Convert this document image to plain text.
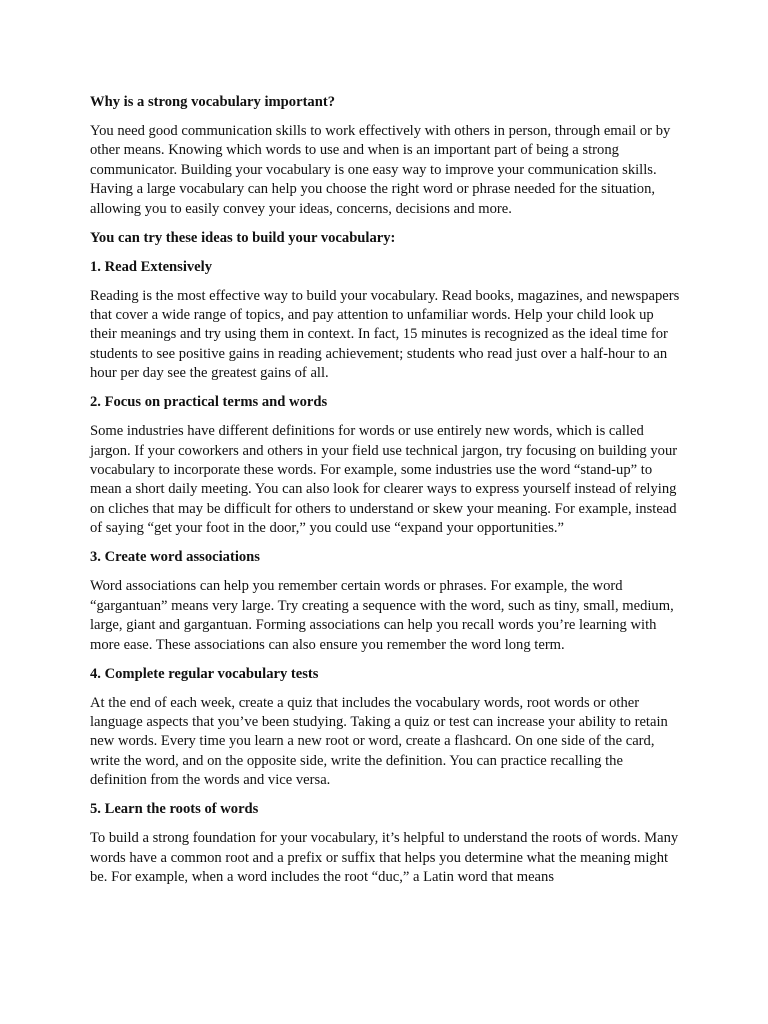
Why is a strong vocabulary important?

You need good communication skills to work effectively with others in person, through email or by other means. Knowing which words to use and when is an important part of being a strong communicator. Building your vocabulary is one easy way to improve your communication skills. Having a large vocabulary can help you choose the right word or phrase needed for the situation, allowing you to easily convey your ideas, concerns, decisions and more.

You can try these ideas to build your vocabulary:

1. Read Extensively

Reading is the most effective way to build your vocabulary. Read books, magazines, and newspapers that cover a wide range of topics, and pay attention to unfamiliar words. Help your child look up their meanings and try using them in context. In fact, 15 minutes is recognized as the ideal time for students to see positive gains in reading achievement; students who read just over a half-hour to an hour per day see the greatest gains of all.

2. Focus on practical terms and words

Some industries have different definitions for words or use entirely new words, which is called jargon. If your coworkers and others in your field use technical jargon, try focusing on building your vocabulary to incorporate these words. For example, some industries use the word “stand-up” to mean a short daily meeting. You can also look for clearer ways to express yourself instead of relying on cliches that may be difficult for others to understand or skew your meaning. For example, instead of saying “get your foot in the door,” you could use “expand your opportunities.”

3. Create word associations

Word associations can help you remember certain words or phrases. For example, the word “gargantuan” means very large. Try creating a sequence with the word, such as tiny, small, medium, large, giant and gargantuan. Forming associations can help you recall words you’re learning with more ease. These associations can also ensure you remember the word long term.

4. Complete regular vocabulary tests

At the end of each week, create a quiz that includes the vocabulary words, root words or other language aspects that you’ve been studying. Taking a quiz or test can increase your ability to retain new words. Every time you learn a new root or word, create a flashcard. On one side of the card, write the word, and on the opposite side, write the definition. You can practice recalling the definition from the words and vice versa.

5. Learn the roots of words

To build a strong foundation for your vocabulary, it’s helpful to understand the roots of words. Many words have a common root and a prefix or suffix that helps you determine what the meaning might be. For example, when a word includes the root “duc,” a Latin word that means
